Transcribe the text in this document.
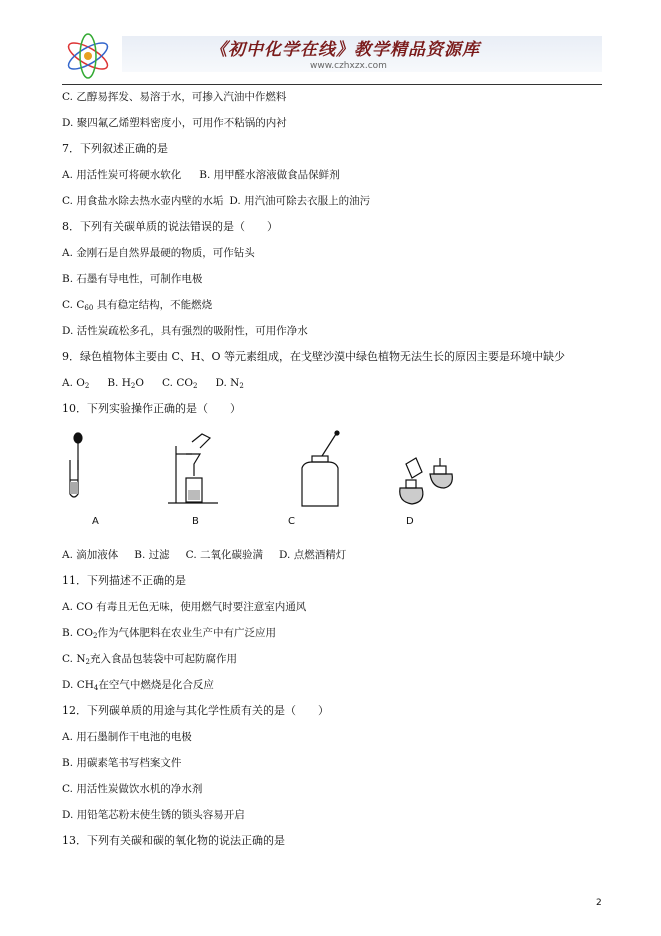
《初中化学在线》教学精品资源库
www.czhxzx.com
C. 乙醇易挥发、易溶于水，可掺入汽油中作燃料
D. 聚四氟乙烯塑料密度小，可用作不粘锅的内衬
7．下列叙述正确的是
A. 用活性炭可将硬水软化 B. 用甲醛水溶液做食品保鲜剂
C. 用食盐水除去热水壶内壁的水垢 D. 用汽油可除去衣服上的油污
8．下列有关碳单质的说法错误的是（　　）
A. 金刚石是自然界最硬的物质，可作钻头
B. 石墨有导电性，可制作电极
C. $C_{60}$ 具有稳定结构，不能燃烧
D. 活性炭疏松多孔，具有强烈的吸附性，可用作净水
9．绿色植物体主要由 C、H、O 等元素组成，在戈壁沙漠中绿色植物无法生长的原因主要是环境中缺少
A. $O_2$ B. $H_2O$ C. $CO_2$ D. $N_2$
10．下列实验操作正确的是（　　）
A	B	C	D
A. 滴加液体 B. 过滤 C. 二氧化碳验满 D. 点燃酒精灯
11．下列描述不正确的是
A. CO 有毒且无色无味，使用燃气时要注意室内通风
B. $CO_2$作为气体肥料在农业生产中有广泛应用
C. $N_2$充入食品包装袋中可起防腐作用
D. $CH_4$在空气中燃烧是化合反应
12．下列碳单质的用途与其化学性质有关的是（　　）
A. 用石墨制作干电池的电极
B. 用碳素笔书写档案文件
C. 用活性炭做饮水机的净水剂
D. 用铅笔芯粉末使生锈的锁头容易开启
13．下列有关碳和碳的氧化物的说法正确的是
2
